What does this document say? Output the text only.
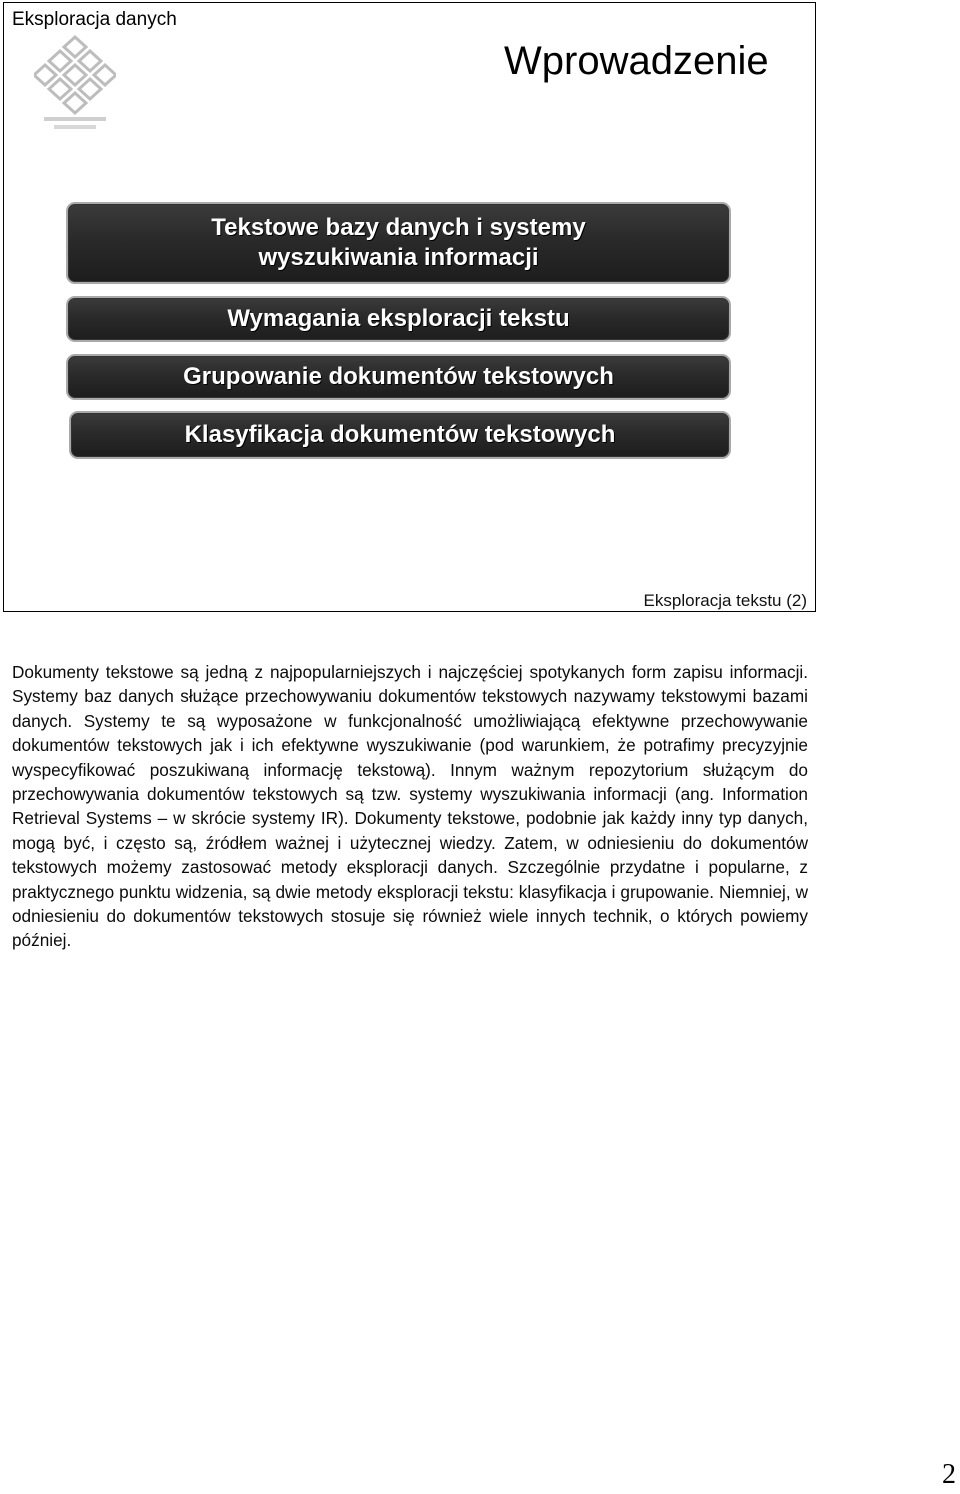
Eksploracja danych
Wprowadzenie
Tekstowe bazy danych i systemy
wyszukiwania informacji
Wymagania eksploracji tekstu
Grupowanie dokumentów tekstowych
Klasyfikacja dokumentów tekstowych
Eksploracja tekstu (2)
Dokumenty tekstowe są jedną z najpopularniejszych i najczęściej spotykanych form zapisu informacji. Systemy baz danych służące przechowywaniu dokumentów tekstowych nazywamy tekstowymi bazami danych. Systemy te są wyposażone w funkcjonalność umożliwiającą efektywne przechowywanie dokumentów tekstowych jak i ich efektywne wyszukiwanie (pod warunkiem, że potrafimy precyzyjnie wyspecyfikować poszukiwaną informację tekstową). Innym ważnym repozytorium służącym do przechowywania dokumentów tekstowych są tzw. systemy wyszukiwania informacji (ang. Information Retrieval Systems – w skrócie systemy IR). Dokumenty tekstowe, podobnie jak każdy inny typ danych, mogą być, i często są, źródłem ważnej i użytecznej wiedzy. Zatem, w odniesieniu do dokumentów tekstowych możemy zastosować metody eksploracji danych. Szczególnie przydatne i popularne, z praktycznego punktu widzenia, są dwie metody eksploracji tekstu: klasyfikacja i grupowanie. Niemniej, w odniesieniu do dokumentów tekstowych stosuje się również wiele innych technik, o których powiemy później.
2
